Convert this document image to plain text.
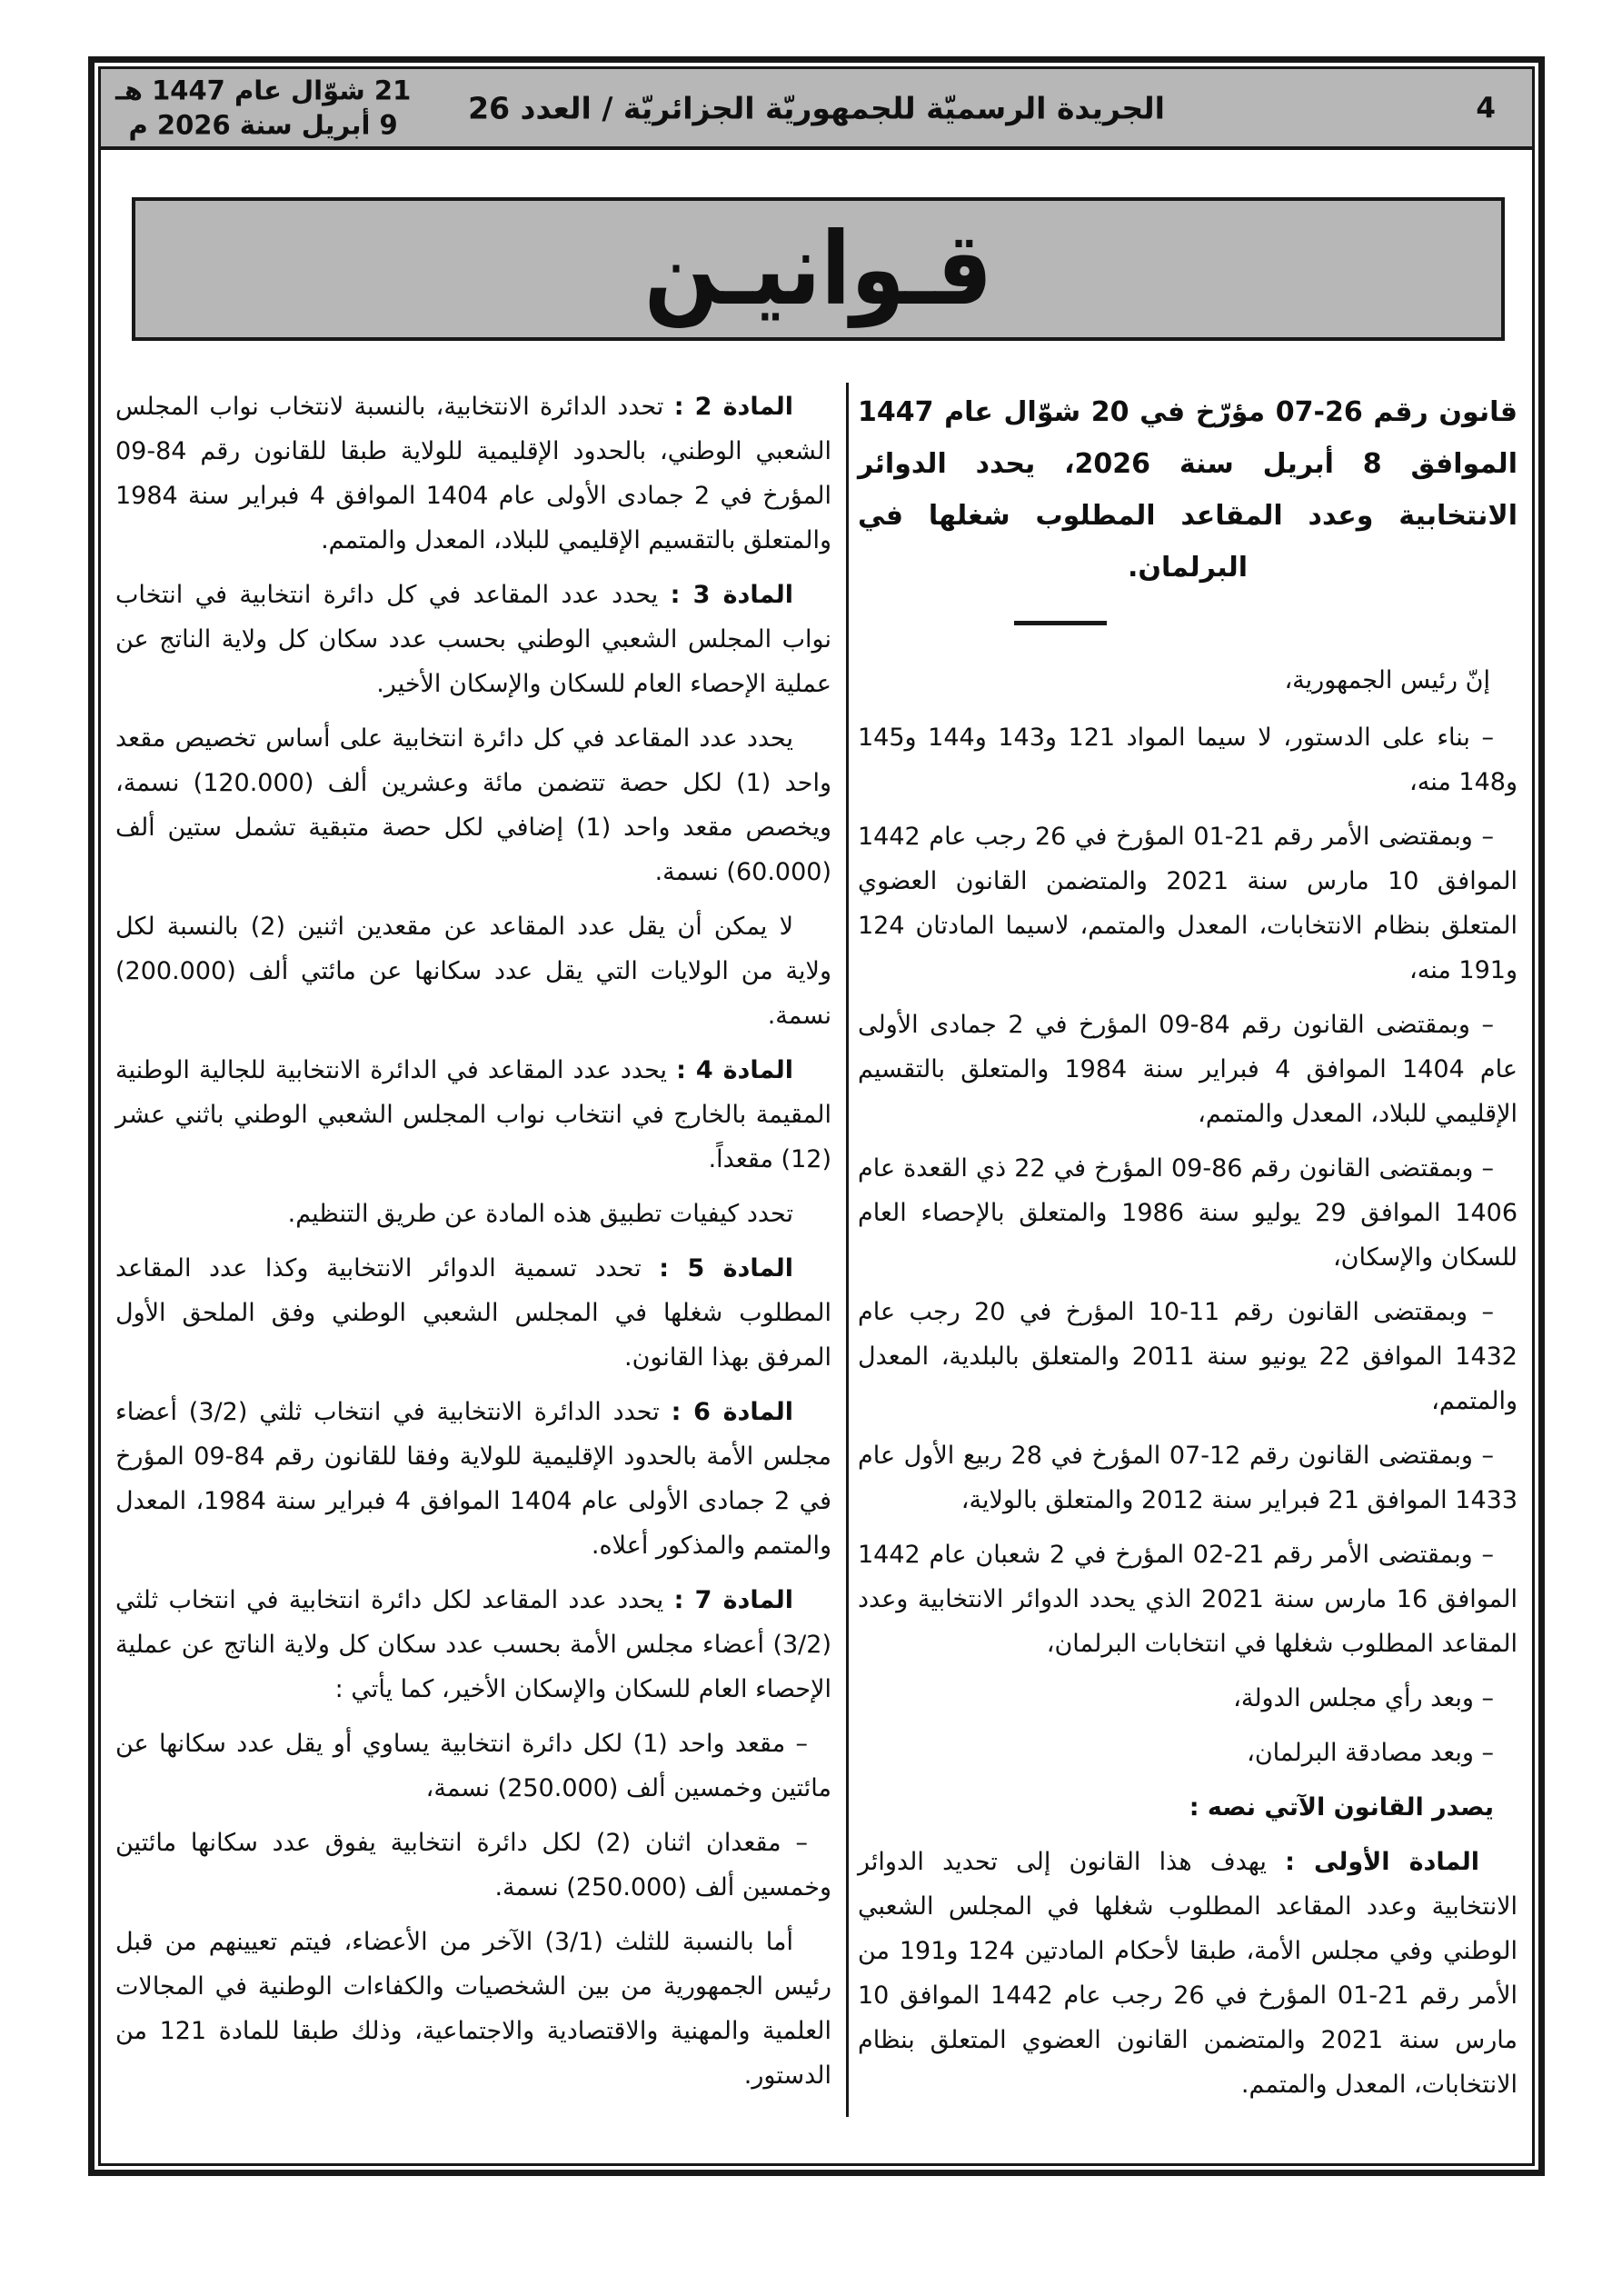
21 شوّال عام 1447 هـ
9 أبريل سنة 2026 م	الجريدة الرسميّة للجمهوريّة الجزائريّة / العدد 26	4
قـوانيـن

قانون رقم 26-07 مؤرّخ في 20 شوّال عام 1447 الموافق 8 أبريل سنة 2026، يحدد الدوائر الانتخابية وعدد المقاعد المطلوب شغلها في البرلمان.

إنّ رئيس الجمهورية،

– بناء على الدستور، لا سيما المواد 121 و143 و144 و145 و148 منه،

– وبمقتضى الأمر رقم 21-01 المؤرخ في 26 رجب عام 1442 الموافق 10 مارس سنة 2021 والمتضمن القانون العضوي المتعلق بنظام الانتخابات، المعدل والمتمم، لاسيما المادتان 124 و191 منه،

– وبمقتضى القانون رقم 84-09 المؤرخ في 2 جمادى الأولى عام 1404 الموافق 4 فبراير سنة 1984 والمتعلق بالتقسيم الإقليمي للبلاد، المعدل والمتمم،

– وبمقتضى القانون رقم 86-09 المؤرخ في 22 ذي القعدة عام 1406 الموافق 29 يوليو سنة 1986 والمتعلق بالإحصاء العام للسكان والإسكان،

– وبمقتضى القانون رقم 11-10 المؤرخ في 20 رجب عام 1432 الموافق 22 يونيو سنة 2011 والمتعلق بالبلدية، المعدل والمتمم،

– وبمقتضى القانون رقم 12-07 المؤرخ في 28 ربيع الأول عام 1433 الموافق 21 فبراير سنة 2012 والمتعلق بالولاية،

– وبمقتضى الأمر رقم 21-02 المؤرخ في 2 شعبان عام 1442 الموافق 16 مارس سنة 2021 الذي يحدد الدوائر الانتخابية وعدد المقاعد المطلوب شغلها في انتخابات البرلمان،

– وبعد رأي مجلس الدولة،

– وبعد مصادقة البرلمان،

يصدر القانون الآتي نصه :

المادة الأولى : يهدف هذا القانون إلى تحديد الدوائر الانتخابية وعدد المقاعد المطلوب شغلها في المجلس الشعبي الوطني وفي مجلس الأمة، طبقا لأحكام المادتين 124 و191 من الأمر رقم 21-01 المؤرخ في 26 رجب عام 1442 الموافق 10 مارس سنة 2021 والمتضمن القانون العضوي المتعلق بنظام الانتخابات، المعدل والمتمم.

المادة 2 : تحدد الدائرة الانتخابية، بالنسبة لانتخاب نواب المجلس الشعبي الوطني، بالحدود الإقليمية للولاية طبقا للقانون رقم 84-09 المؤرخ في 2 جمادى الأولى عام 1404 الموافق 4 فبراير سنة 1984 والمتعلق بالتقسيم الإقليمي للبلاد، المعدل والمتمم.

المادة 3 : يحدد عدد المقاعد في كل دائرة انتخابية في انتخاب نواب المجلس الشعبي الوطني بحسب عدد سكان كل ولاية الناتج عن عملية الإحصاء العام للسكان والإسكان الأخير.

يحدد عدد المقاعد في كل دائرة انتخابية على أساس تخصيص مقعد واحد (1) لكل حصة تتضمن مائة وعشرين ألف (120.000) نسمة، ويخصص مقعد واحد (1) إضافي لكل حصة متبقية تشمل ستين ألف (60.000) نسمة.

لا يمكن أن يقل عدد المقاعد عن مقعدين اثنين (2) بالنسبة لكل ولاية من الولايات التي يقل عدد سكانها عن مائتي ألف (200.000) نسمة.

المادة 4 : يحدد عدد المقاعد في الدائرة الانتخابية للجالية الوطنية المقيمة بالخارج في انتخاب نواب المجلس الشعبي الوطني باثني عشر (12) مقعداً.

تحدد كيفيات تطبيق هذه المادة عن طريق التنظيم.

المادة 5 : تحدد تسمية الدوائر الانتخابية وكذا عدد المقاعد المطلوب شغلها في المجلس الشعبي الوطني وفق الملحق الأول المرفق بهذا القانون.

المادة 6 : تحدد الدائرة الانتخابية في انتخاب ثلثي (3/2) أعضاء مجلس الأمة بالحدود الإقليمية للولاية وفقا للقانون رقم 84-09 المؤرخ في 2 جمادى الأولى عام 1404 الموافق 4 فبراير سنة 1984، المعدل والمتمم والمذكور أعلاه.

المادة 7 : يحدد عدد المقاعد لكل دائرة انتخابية في انتخاب ثلثي (3/2) أعضاء مجلس الأمة بحسب عدد سكان كل ولاية الناتج عن عملية الإحصاء العام للسكان والإسكان الأخير، كما يأتي :

– مقعد واحد (1) لكل دائرة انتخابية يساوي أو يقل عدد سكانها عن مائتين وخمسين ألف (250.000) نسمة،

– مقعدان اثنان (2) لكل دائرة انتخابية يفوق عدد سكانها مائتين وخمسين ألف (250.000) نسمة.

أما بالنسبة للثلث (3/1) الآخر من الأعضاء، فيتم تعيينهم من قبل رئيس الجمهورية من بين الشخصيات والكفاءات الوطنية في المجالات العلمية والمهنية والاقتصادية والاجتماعية، وذلك طبقا للمادة 121 من الدستور.
